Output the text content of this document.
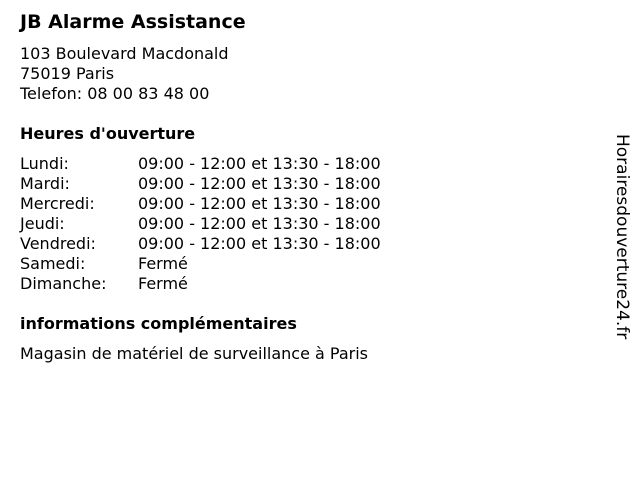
JB Alarme Assistance
103 Boulevard Macdonald
75019 Paris
Telefon: 08 00 83 48 00
Heures d'ouverture
Lundi:	09:00 - 12:00 et 13:30 - 18:00
Mardi:	09:00 - 12:00 et 13:30 - 18:00
Mercredi:	09:00 - 12:00 et 13:30 - 18:00
Jeudi:	09:00 - 12:00 et 13:30 - 18:00
Vendredi:	09:00 - 12:00 et 13:30 - 18:00
Samedi:	Fermé
Dimanche: Fermé
informations complémentaires
Magasin de matériel de surveillance à Paris
Horairesdouverture24.fr
